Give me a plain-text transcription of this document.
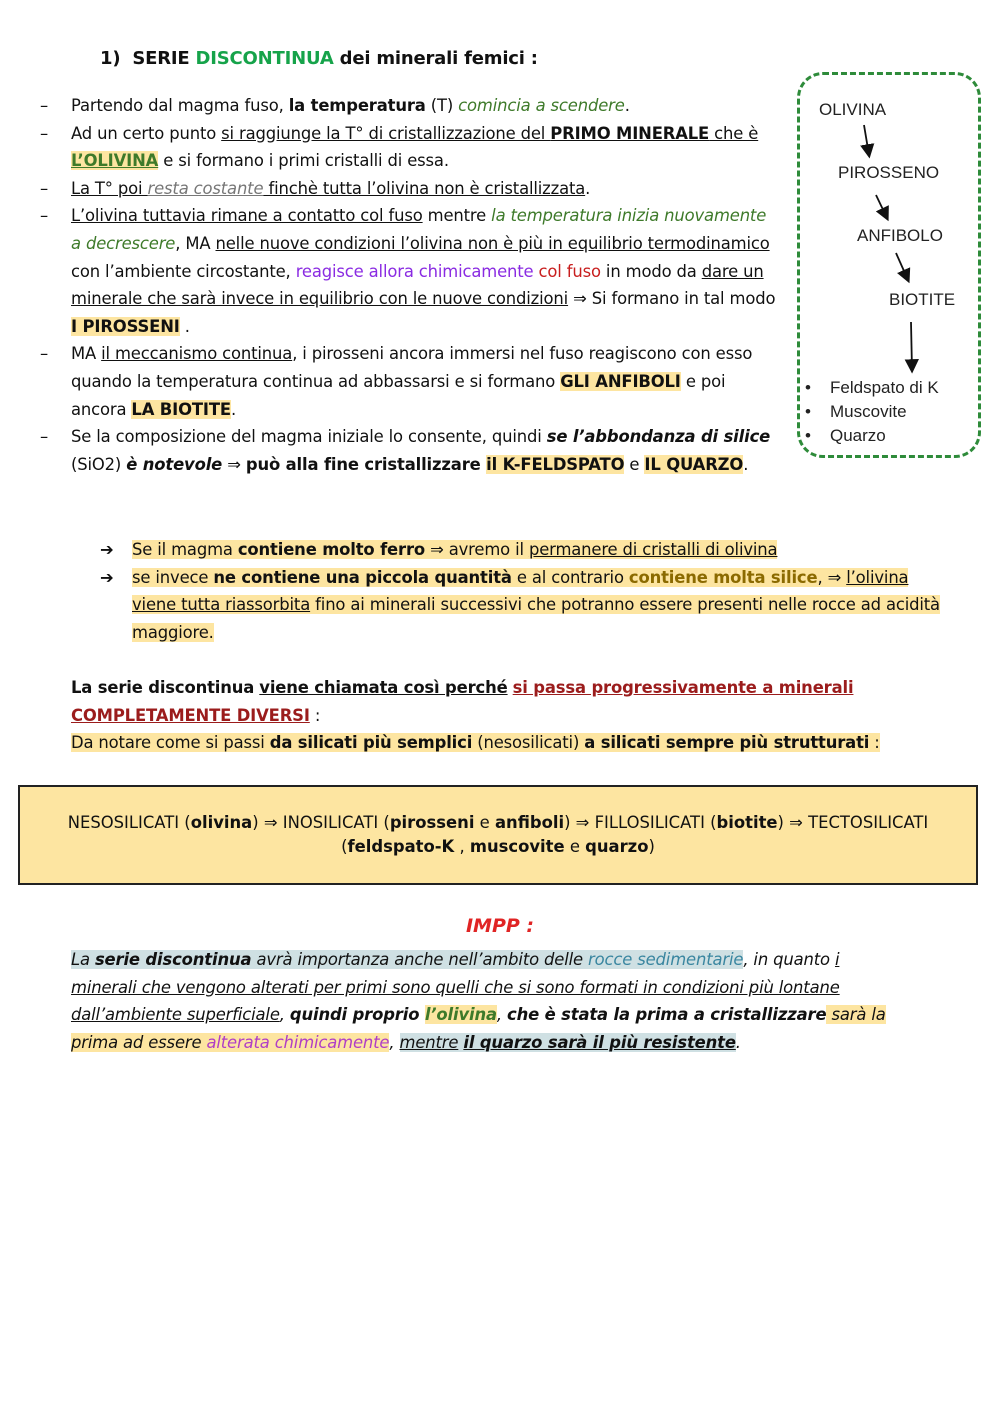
1) SERIE DISCONTINUA dei minerali femici :
– Partendo dal magma fuso, la temperatura (T) comincia a scendere.
– Ad un certo punto si raggiunge la T° di cristallizzazione del PRIMO MINERALE che è
L’OLIVINA e si formano i primi cristalli di essa.
– La T° poi resta costante finchè tutta l’olivina non è cristallizzata.
– L’olivina tuttavia rimane a contatto col fuso mentre la temperatura inizia nuovamente a decrescere, MA nelle nuove condizioni l’olivina non è più in equilibrio termodinamico con l’ambiente circostante, reagisce allora chimicamente col fuso in modo da dare un minerale che sarà invece in equilibrio con le nuove condizioni ⇒ Si formano in tal modo I PIROSSENI .
– MA il meccanismo continua, i pirosseni ancora immersi nel fuso reagiscono con esso quando la temperatura continua ad abbassarsi e si formano GLI ANFIBOLI e poi ancora LA BIOTITE.
– Se la composizione del magma iniziale lo consente, quindi se l’abbondanza di silice (SiO2) è notevole ⇒ può alla fine cristallizzare il K-FELDSPATO e IL QUARZO.
OLIVINA
PIROSSENO
ANFIBOLO
BIOTITE
• Feldspato di K
• Muscovite
• Quarzo
➔ Se il magma contiene molto ferro ⇒ avremo il permanere di cristalli di olivina
➔ se invece ne contiene una piccola quantità e al contrario contiene molta silice, ⇒ l’olivina viene tutta riassorbita fino ai minerali successivi che potranno essere presenti nelle rocce ad acidità maggiore.
La serie discontinua viene chiamata così perché si passa progressivamente a minerali COMPLETAMENTE DIVERSI :
Da notare come si passi da silicati più semplici (nesosilicati) a silicati sempre più strutturati :
NESOSILICATI (olivina) ⇒ INOSILICATI (pirosseni e anfiboli) ⇒ FILLOSILICATI (biotite) ⇒ TECTOSILICATI (feldspato-K , muscovite e quarzo)
IMPP :
La serie discontinua avrà importanza anche nell’ambito delle rocce sedimentarie, in quanto i minerali che vengono alterati per primi sono quelli che si sono formati in condizioni più lontane dall’ambiente superficiale, quindi proprio l’olivina, che è stata la prima a cristallizzare sarà la prima ad essere alterata chimicamente, mentre il quarzo sarà il più resistente.
